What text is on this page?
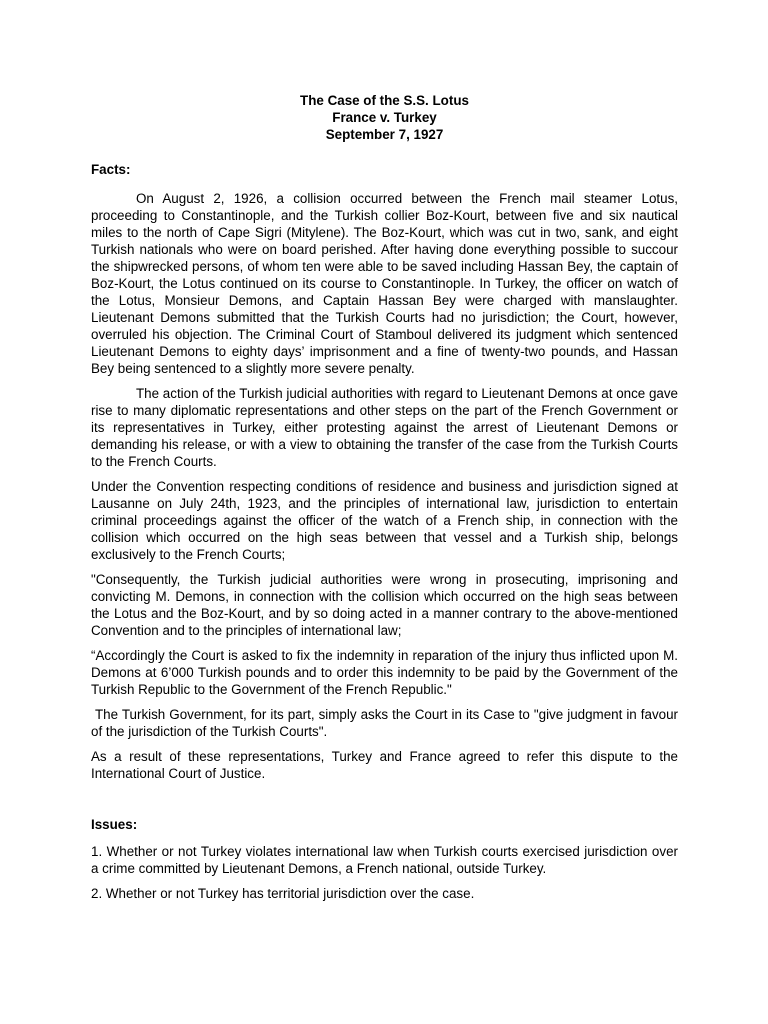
The Case of the S.S. Lotus
France v. Turkey
September 7, 1927
Facts:

On August 2, 1926, a collision occurred between the French mail steamer Lotus, proceeding to Constantinople, and the Turkish collier Boz-Kourt, between five and six nautical miles to the north of Cape Sigri (Mitylene). The Boz-Kourt, which was cut in two, sank, and eight Turkish nationals who were on board perished. After having done everything possible to succour the shipwrecked persons, of whom ten were able to be saved including Hassan Bey, the captain of Boz-Kourt, the Lotus continued on its course to Constantinople. In Turkey, the officer on watch of the Lotus, Monsieur Demons, and Captain Hassan Bey were charged with manslaughter. Lieutenant Demons submitted that the Turkish Courts had no jurisdiction; the Court, however, overruled his objection. The Criminal Court of Stamboul delivered its judgment which sentenced Lieutenant Demons to eighty days’ imprisonment and a fine of twenty-two pounds, and Hassan Bey being sentenced to a slightly more severe penalty.

The action of the Turkish judicial authorities with regard to Lieutenant Demons at once gave rise to many diplomatic representations and other steps on the part of the French Government or its representatives in Turkey, either protesting against the arrest of Lieutenant Demons or demanding his release, or with a view to obtaining the transfer of the case from the Turkish Courts to the French Courts.

Under the Convention respecting conditions of residence and business and jurisdiction signed at Lausanne on July 24th, 1923, and the principles of international law, jurisdiction to entertain criminal proceedings against the officer of the watch of a French ship, in connection with the collision which occurred on the high seas between that vessel and a Turkish ship, belongs exclusively to the French Courts;

"Consequently, the Turkish judicial authorities were wrong in prosecuting, imprisoning and convicting M. Demons, in connection with the collision which occurred on the high seas between the Lotus and the Boz-Kourt, and by so doing acted in a manner contrary to the above-mentioned Convention and to the principles of international law;

“Accordingly the Court is asked to fix the indemnity in reparation of the injury thus inflicted upon M. Demons at 6’000 Turkish pounds and to order this indemnity to be paid by the Government of the Turkish Republic to the Government of the French Republic."

The Turkish Government, for its part, simply asks the Court in its Case to "give judgment in favour of the jurisdiction of the Turkish Courts".

As a result of these representations, Turkey and France agreed to refer this dispute to the International Court of Justice.

Issues:

1. Whether or not Turkey violates international law when Turkish courts exercised jurisdiction over a crime committed by Lieutenant Demons, a French national, outside Turkey.

2. Whether or not Turkey has territorial jurisdiction over the case.
